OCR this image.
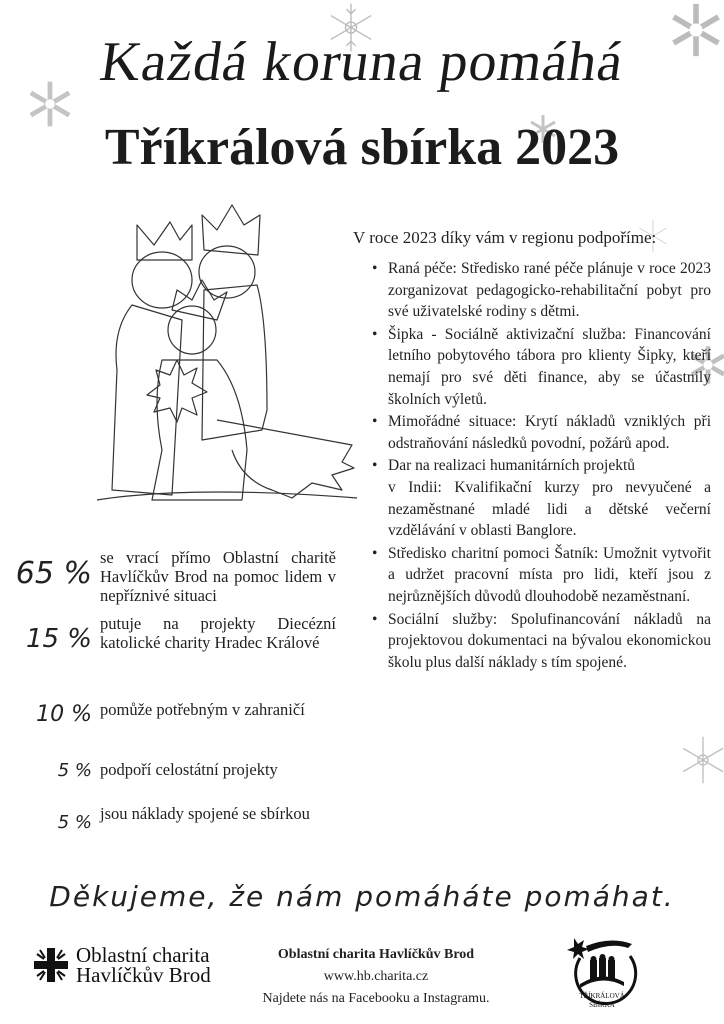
Každá koruna pomáhá
Tříkrálová sbírka 2023
V roce 2023 díky vám v regionu podpoříme:
• Raná péče: Středisko rané péče plánuje v roce 2023 zorganizovat pedagogicko-rehabilitační pobyt pro své uživatelské rodiny s dětmi.
• Šipka - Sociálně aktivizační služba: Financování letního pobytového tábora pro klienty Šipky, kteří nemají pro své děti finance, aby se účastnily školních výletů.
• Mimořádné situace: Krytí nákladů vzniklých při odstraňování následků povodní, požárů apod.
• Dar na realizaci humanitárních projektů
v Indii: Kvalifikační kurzy pro nevyučené a nezaměstnané mladé lidi a dětské večerní vzdělávání v oblasti Banglore.
• Středisko charitní pomoci Šatník: Umožnit vytvořit a udržet pracovní místa pro lidi, kteří jsou z nejrůznějších důvodů dlouhodobě nezaměstnaní.
• Sociální služby: Spolufinancování nákladů na projektovou dokumentaci na bývalou ekonomickou školu plus další náklady s tím spojené.
65 % se vrací přímo Oblastní charitě Havlíčkův Brod na pomoc lidem v nepříznivé situaci
15 %
putuje na projekty Diecézní katolické charity Hradec Králové
10 % pomůže potřebným v zahraničí
5 % podpoří celostátní projekty
5 % jsou náklady spojené se sbírkou
Děkujeme, že nám pomáháte pomáhat.
Oblastní charita
Havlíčkův Brod
Oblastní charita Havlíčkův Brod
www.hb.charita.cz
Najdete nás na Facebooku a Instagramu.	TŘÍKRÁLOVÁ
SBÍRKA
